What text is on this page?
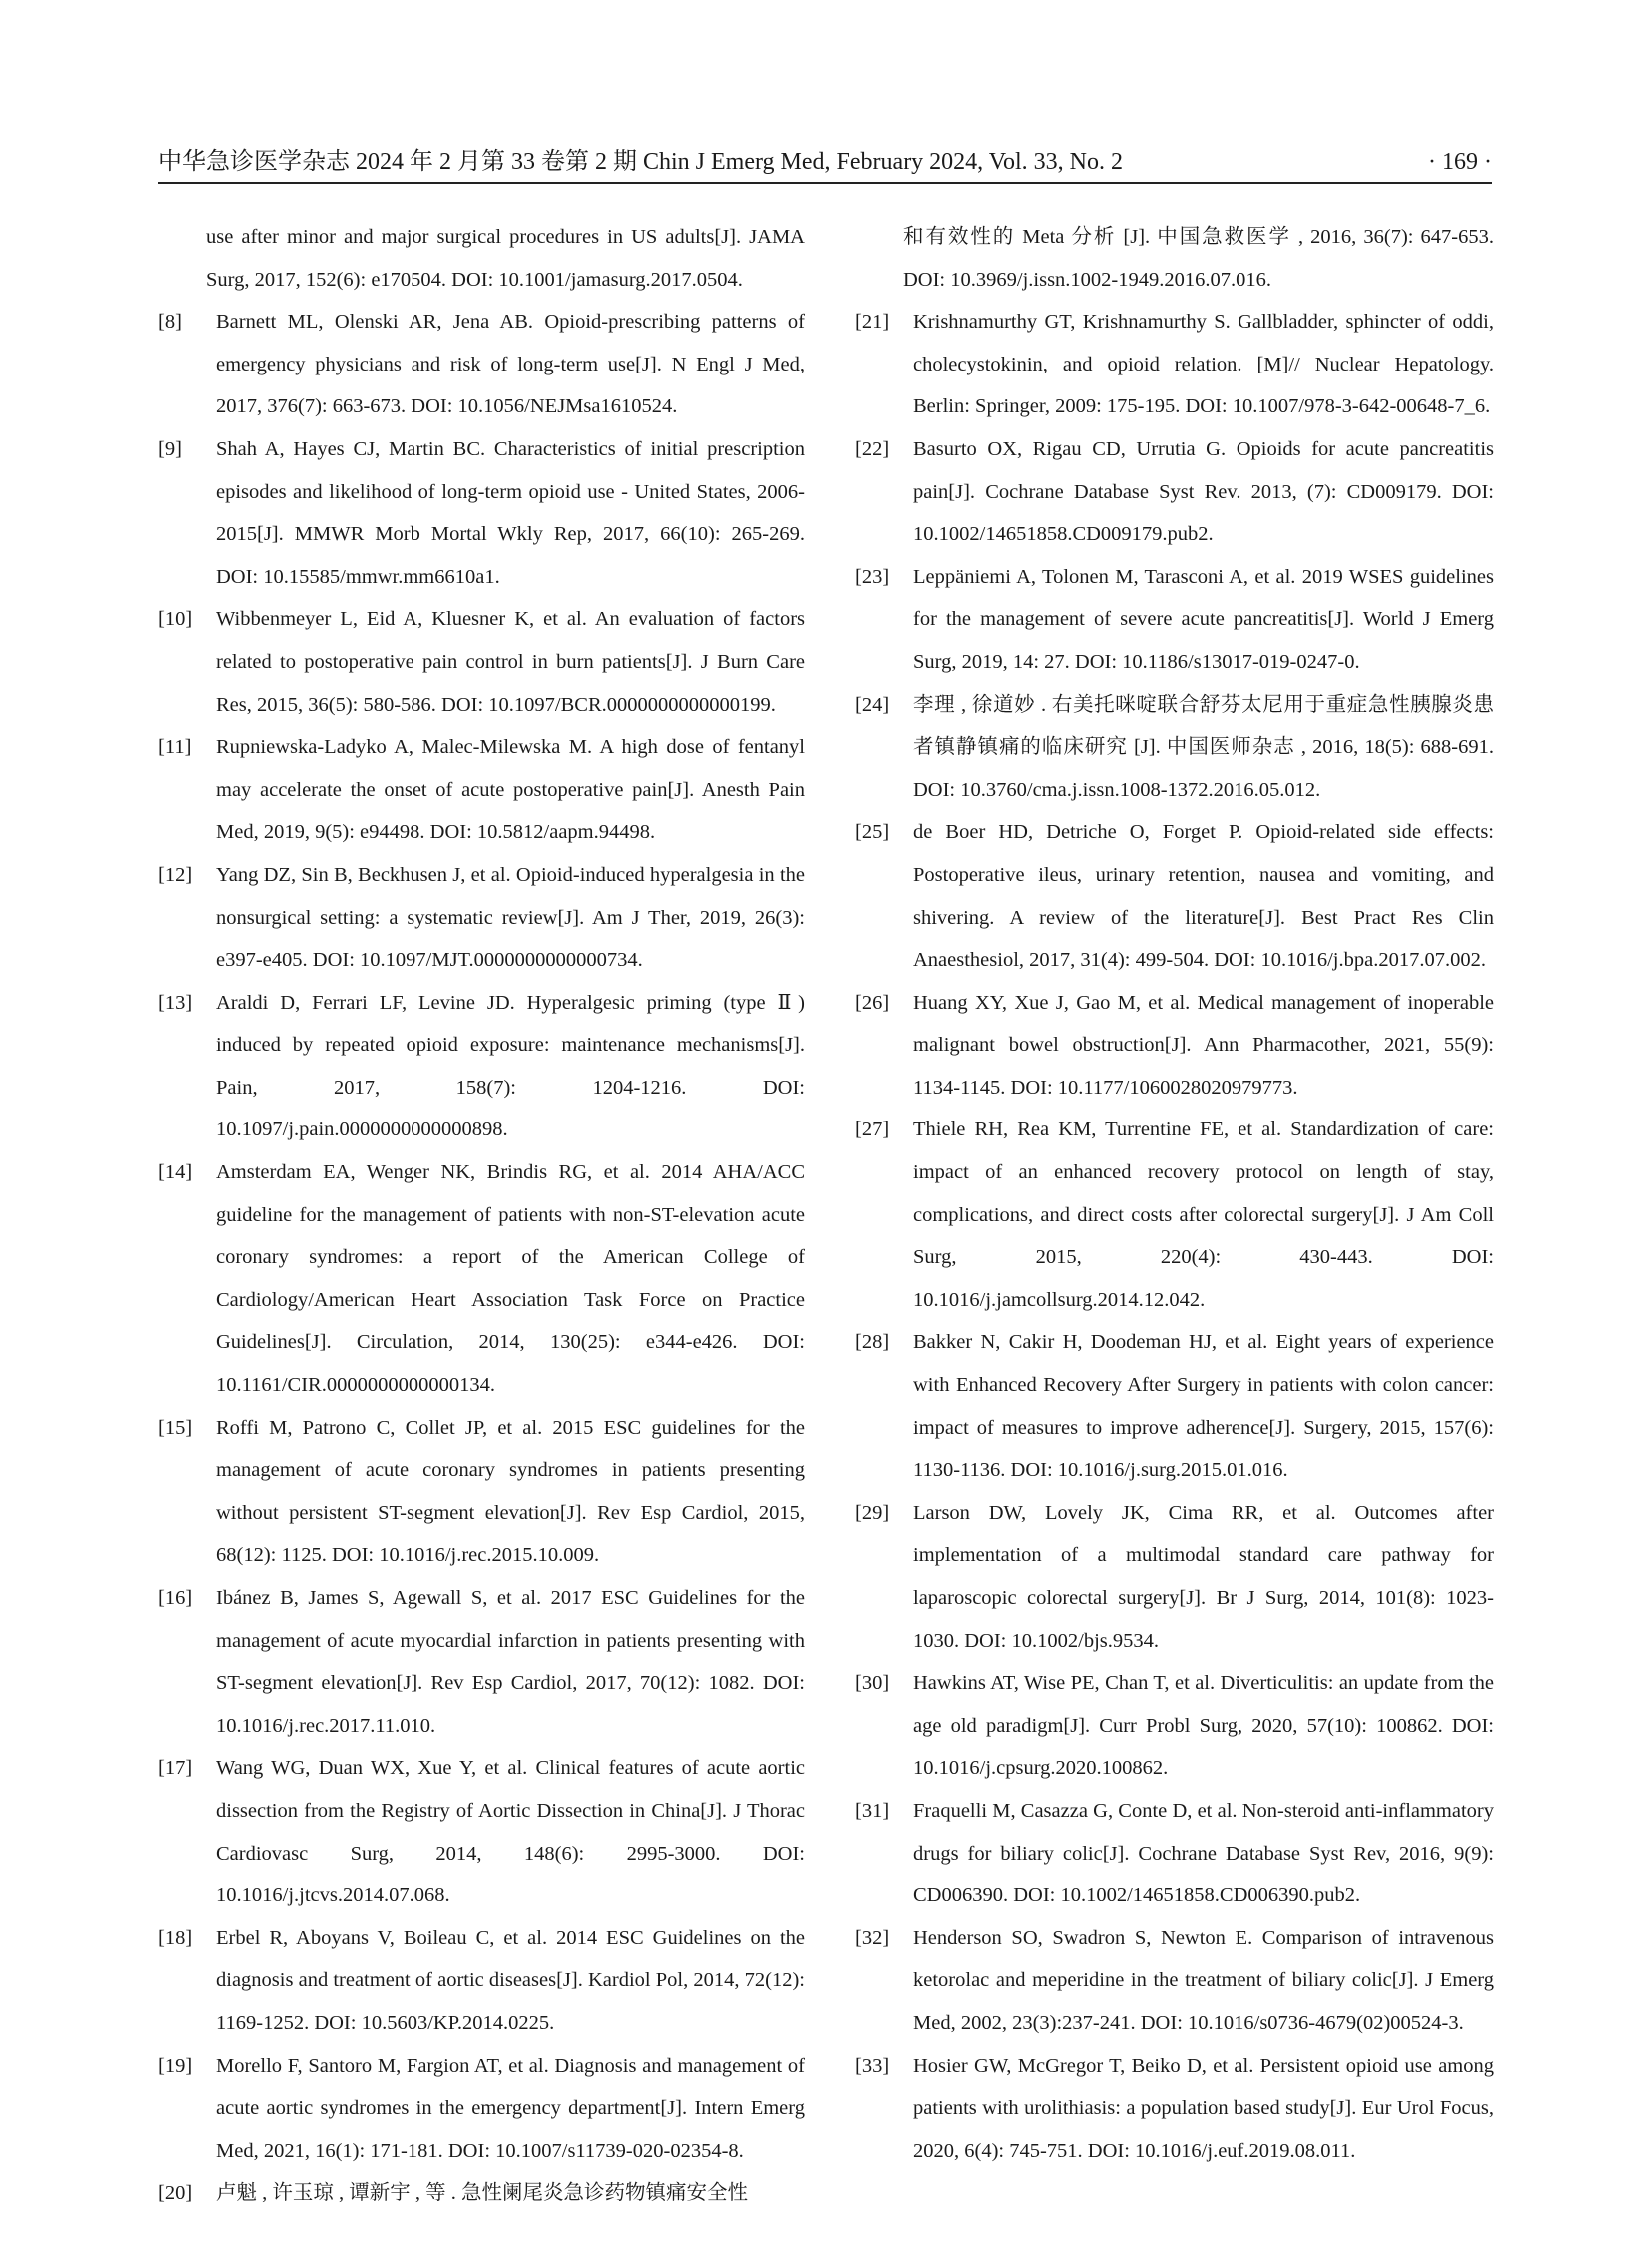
中华急诊医学杂志 2024 年 2 月第 33 卷第 2 期 Chin J Emerg Med, February 2024, Vol. 33, No. 2	· 169 ·
use after minor and major surgical procedures in US adults[J]. JAMA Surg, 2017, 152(6): e170504. DOI: 10.1001/jamasurg.2017.0504.
[8] Barnett ML, Olenski AR, Jena AB. Opioid-prescribing patterns of emergency physicians and risk of long-term use[J]. N Engl J Med, 2017, 376(7): 663-673. DOI: 10.1056/NEJMsa1610524.
[9] Shah A, Hayes CJ, Martin BC. Characteristics of initial prescription episodes and likelihood of long-term opioid use - United States, 2006-2015[J]. MMWR Morb Mortal Wkly Rep, 2017, 66(10): 265-269. DOI: 10.15585/mmwr.mm6610a1.
[10] Wibbenmeyer L, Eid A, Kluesner K, et al. An evaluation of factors related to postoperative pain control in burn patients[J]. J Burn Care Res, 2015, 36(5): 580-586. DOI: 10.1097/BCR.0000000000000199.
[11] Rupniewska-Ladyko A, Malec-Milewska M. A high dose of fentanyl may accelerate the onset of acute postoperative pain[J]. Anesth Pain Med, 2019, 9(5): e94498. DOI: 10.5812/aapm.94498.
[12] Yang DZ, Sin B, Beckhusen J, et al. Opioid-induced hyperalgesia in the nonsurgical setting: a systematic review[J]. Am J Ther, 2019, 26(3): e397-e405. DOI: 10.1097/MJT.0000000000000734.
[13] Araldi D, Ferrari LF, Levine JD. Hyperalgesic priming (type Ⅱ) induced by repeated opioid exposure: maintenance mechanisms[J]. Pain, 2017, 158(7): 1204-1216. DOI: 10.1097/j.pain.0000000000000898.
[14] Amsterdam EA, Wenger NK, Brindis RG, et al. 2014 AHA/ACC guideline for the management of patients with non-ST-elevation acute coronary syndromes: a report of the American College of Cardiology/American Heart Association Task Force on Practice Guidelines[J]. Circulation, 2014, 130(25): e344-e426. DOI: 10.1161/CIR.0000000000000134.
[15] Roffi M, Patrono C, Collet JP, et al. 2015 ESC guidelines for the management of acute coronary syndromes in patients presenting without persistent ST-segment elevation[J]. Rev Esp Cardiol, 2015, 68(12): 1125. DOI: 10.1016/j.rec.2015.10.009.
[16] Ibánez B, James S, Agewall S, et al. 2017 ESC Guidelines for the management of acute myocardial infarction in patients presenting with ST-segment elevation[J]. Rev Esp Cardiol, 2017, 70(12): 1082. DOI: 10.1016/j.rec.2017.11.010.
[17] Wang WG, Duan WX, Xue Y, et al. Clinical features of acute aortic dissection from the Registry of Aortic Dissection in China[J]. J Thorac Cardiovasc Surg, 2014, 148(6): 2995-3000. DOI: 10.1016/j.jtcvs.2014.07.068.
[18] Erbel R, Aboyans V, Boileau C, et al. 2014 ESC Guidelines on the diagnosis and treatment of aortic diseases[J]. Kardiol Pol, 2014, 72(12): 1169-1252. DOI: 10.5603/KP.2014.0225.
[19] Morello F, Santoro M, Fargion AT, et al. Diagnosis and management of acute aortic syndromes in the emergency department[J]. Intern Emerg Med, 2021, 16(1): 171-181. DOI: 10.1007/s11739-020-02354-8.
[20] 卢魁 , 许玉琼 , 谭新宇 , 等 . 急性阑尾炎急诊药物镇痛安全性
和有效性的 Meta 分析 [J]. 中国急救医学 , 2016, 36(7): 647-653. DOI: 10.3969/j.issn.1002-1949.2016.07.016.
[21] Krishnamurthy GT, Krishnamurthy S. Gallbladder, sphincter of oddi, cholecystokinin, and opioid relation. [M]// Nuclear Hepatology. Berlin: Springer, 2009: 175-195. DOI: 10.1007/978-3-642-00648-7_6.
[22] Basurto OX, Rigau CD, Urrutia G. Opioids for acute pancreatitis pain[J]. Cochrane Database Syst Rev. 2013, (7): CD009179. DOI: 10.1002/14651858.CD009179.pub2.
[23] Leppäniemi A, Tolonen M, Tarasconi A, et al. 2019 WSES guidelines for the management of severe acute pancreatitis[J]. World J Emerg Surg, 2019, 14: 27. DOI: 10.1186/s13017-019-0247-0.
[24] 李理 , 徐道妙 . 右美托咪啶联合舒芬太尼用于重症急性胰腺炎患者镇静镇痛的临床研究 [J]. 中国医师杂志 , 2016, 18(5): 688-691. DOI: 10.3760/cma.j.issn.1008-1372.2016.05.012.
[25] de Boer HD, Detriche O, Forget P. Opioid-related side effects: Postoperative ileus, urinary retention, nausea and vomiting, and shivering. A review of the literature[J]. Best Pract Res Clin Anaesthesiol, 2017, 31(4): 499-504. DOI: 10.1016/j.bpa.2017.07.002.
[26] Huang XY, Xue J, Gao M, et al. Medical management of inoperable malignant bowel obstruction[J]. Ann Pharmacother, 2021, 55(9): 1134-1145. DOI: 10.1177/1060028020979773.
[27] Thiele RH, Rea KM, Turrentine FE, et al. Standardization of care: impact of an enhanced recovery protocol on length of stay, complications, and direct costs after colorectal surgery[J]. J Am Coll Surg, 2015, 220(4): 430-443. DOI: 10.1016/j.jamcollsurg.2014.12.042.
[28] Bakker N, Cakir H, Doodeman HJ, et al. Eight years of experience with Enhanced Recovery After Surgery in patients with colon cancer: impact of measures to improve adherence[J]. Surgery, 2015, 157(6): 1130-1136. DOI: 10.1016/j.surg.2015.01.016.
[29] Larson DW, Lovely JK, Cima RR, et al. Outcomes after implementation of a multimodal standard care pathway for laparoscopic colorectal surgery[J]. Br J Surg, 2014, 101(8): 1023-1030. DOI: 10.1002/bjs.9534.
[30] Hawkins AT, Wise PE, Chan T, et al. Diverticulitis: an update from the age old paradigm[J]. Curr Probl Surg, 2020, 57(10): 100862. DOI: 10.1016/j.cpsurg.2020.100862.
[31] Fraquelli M, Casazza G, Conte D, et al. Non-steroid anti-inflammatory drugs for biliary colic[J]. Cochrane Database Syst Rev, 2016, 9(9): CD006390. DOI: 10.1002/14651858.CD006390.pub2.
[32] Henderson SO, Swadron S, Newton E. Comparison of intravenous ketorolac and meperidine in the treatment of biliary colic[J]. J Emerg Med, 2002, 23(3):237-241. DOI: 10.1016/s0736-4679(02)00524-3.
[33] Hosier GW, McGregor T, Beiko D, et al. Persistent opioid use among patients with urolithiasis: a population based study[J]. Eur Urol Focus, 2020, 6(4): 745-751. DOI: 10.1016/j.euf.2019.08.011.
